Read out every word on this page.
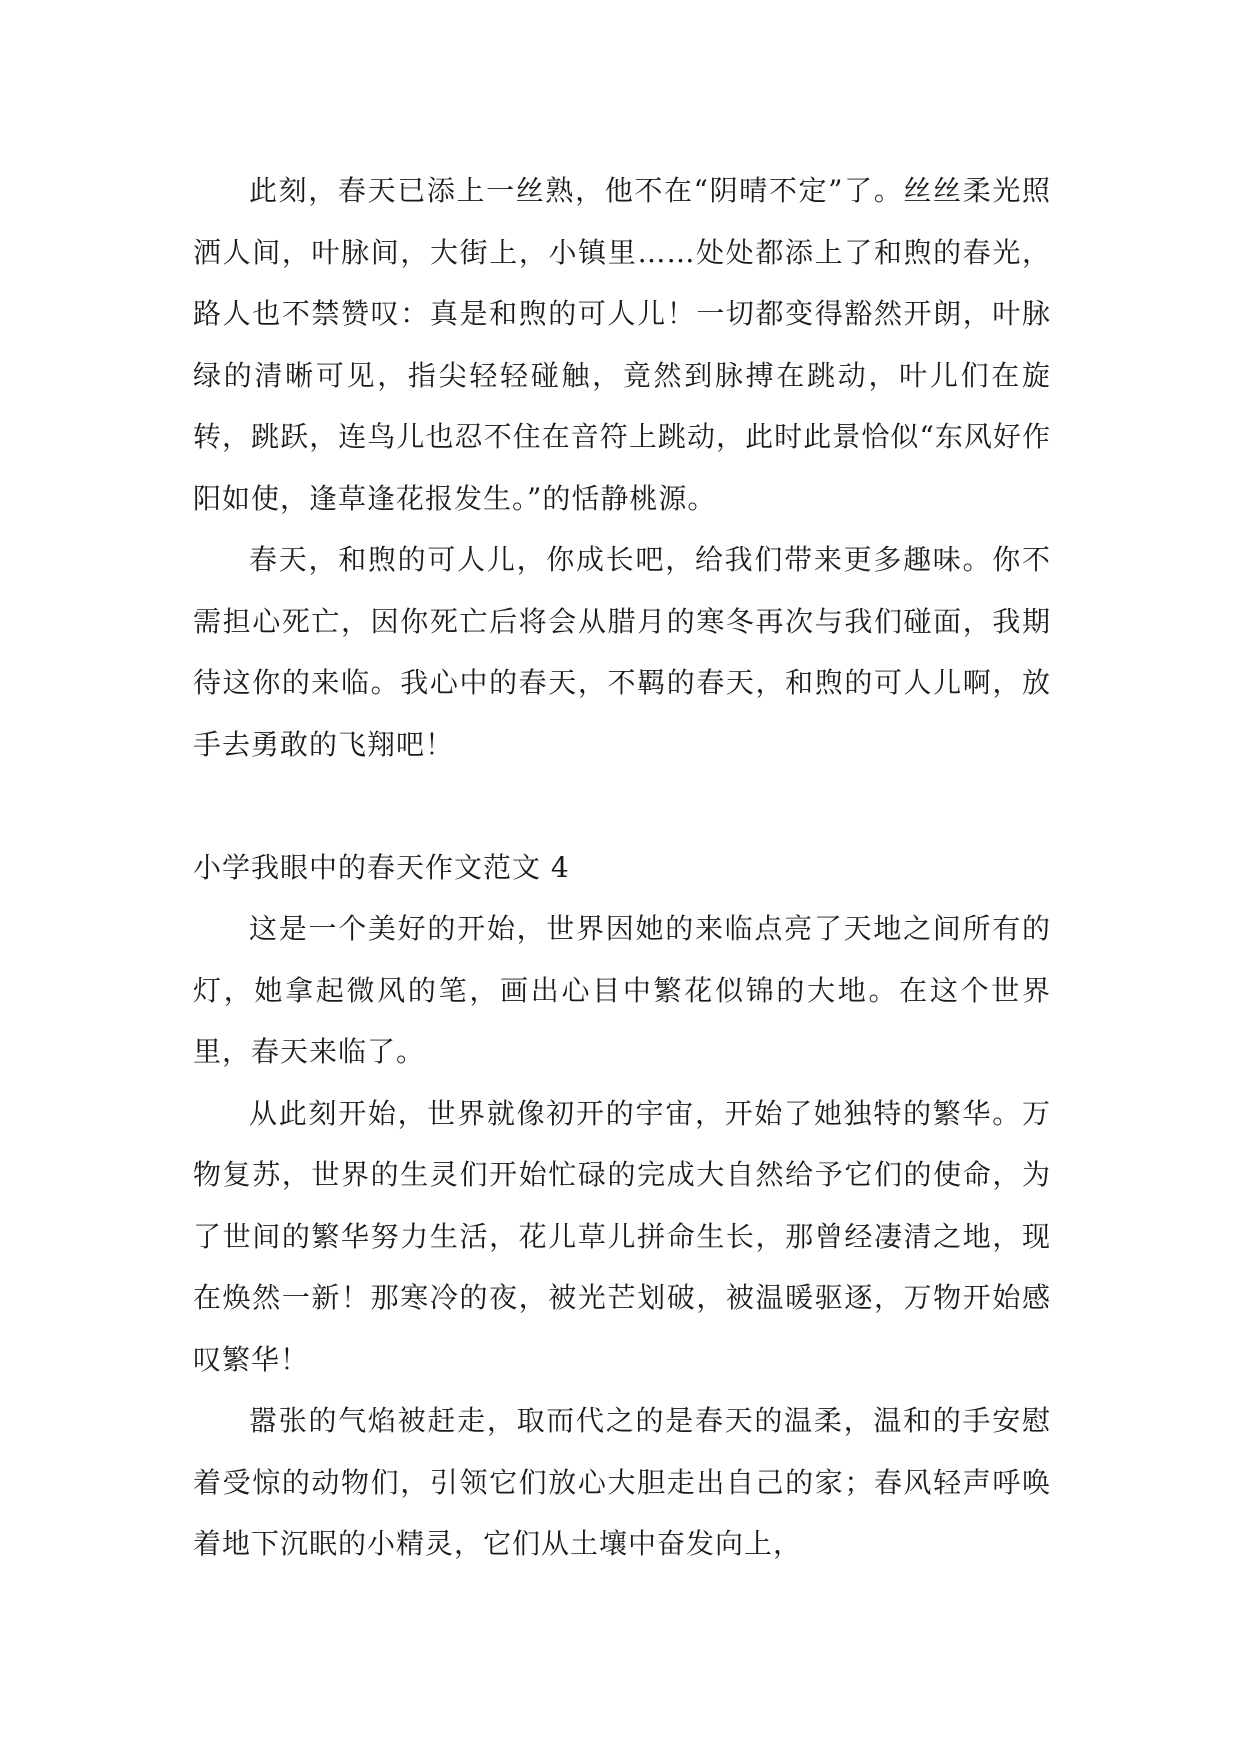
此刻，春天已添上一丝熟，他不在“阴晴不定”了。丝丝柔光照洒人间，叶脉间，大街上，小镇里……处处都添上了和煦的春光，路人也不禁赞叹：真是和煦的可人儿！一切都变得豁然开朗，叶脉绿的清晰可见，指尖轻轻碰触，竟然到脉搏在跳动，叶儿们在旋转，跳跃，连鸟儿也忍不住在音符上跳动，此时此景恰似“东风好作阳如使，逢草逢花报发生。”的恬静桃源。

春天，和煦的可人儿，你成长吧，给我们带来更多趣味。你不需担心死亡，因你死亡后将会从腊月的寒冬再次与我们碰面，我期待这你的来临。我心中的春天，不羁的春天，和煦的可人儿啊，放手去勇敢的飞翔吧！

小学我眼中的春天作文范文 4

这是一个美好的开始，世界因她的来临点亮了天地之间所有的灯，她拿起微风的笔，画出心目中繁花似锦的大地。在这个世界里，春天来临了。

从此刻开始，世界就像初开的宇宙，开始了她独特的繁华。万物复苏，世界的生灵们开始忙碌的完成大自然给予它们的使命，为了世间的繁华努力生活，花儿草儿拼命生长，那曾经凄清之地，现在焕然一新！那寒冷的夜，被光芒划破，被温暖驱逐，万物开始感叹繁华！

嚣张的气焰被赶走，取而代之的是春天的温柔，温和的手安慰着受惊的动物们，引领它们放心大胆走出自己的家；春风轻声呼唤着地下沉眠的小精灵，它们从土壤中奋发向上，
